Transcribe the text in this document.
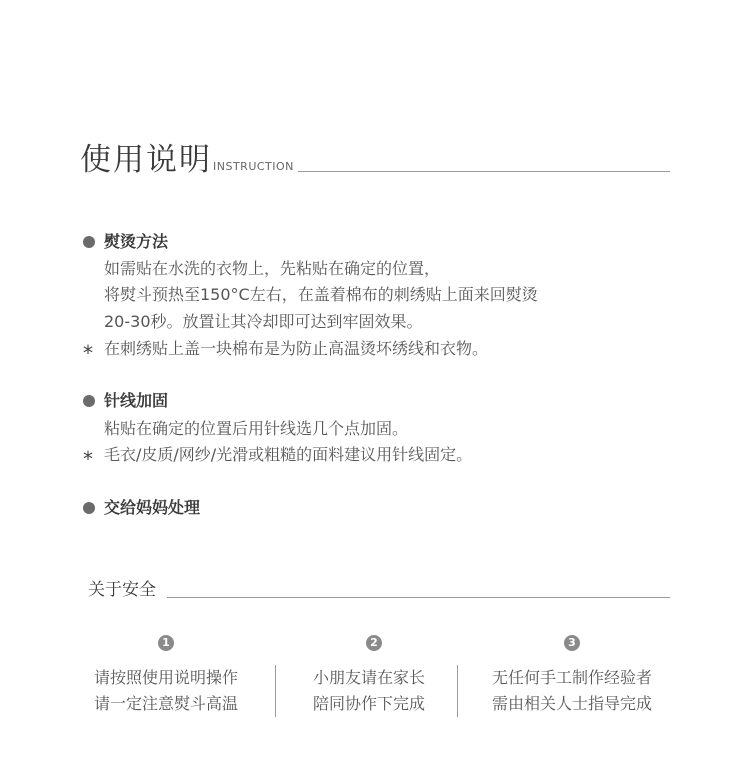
使用说明 INSTRUCTION
熨烫方法
如需贴在水洗的衣物上，先粘贴在确定的位置，
将熨斗预热至150°C左右，在盖着棉布的刺绣贴上面来回熨烫
20-30秒。放置让其冷却即可达到牢固效果。
* 在刺绣贴上盖一块棉布是为防止高温烫坏绣线和衣物。
针线加固
粘贴在确定的位置后用针线选几个点加固。
* 毛衣/皮质/网纱/光滑或粗糙的面料建议用针线固定。
交给妈妈处理
关于安全
1	2	3
请按照使用说明操作
请一定注意熨斗高温
小朋友请在家长
陪同协作下完成
无任何手工制作经验者
需由相关人士指导完成
